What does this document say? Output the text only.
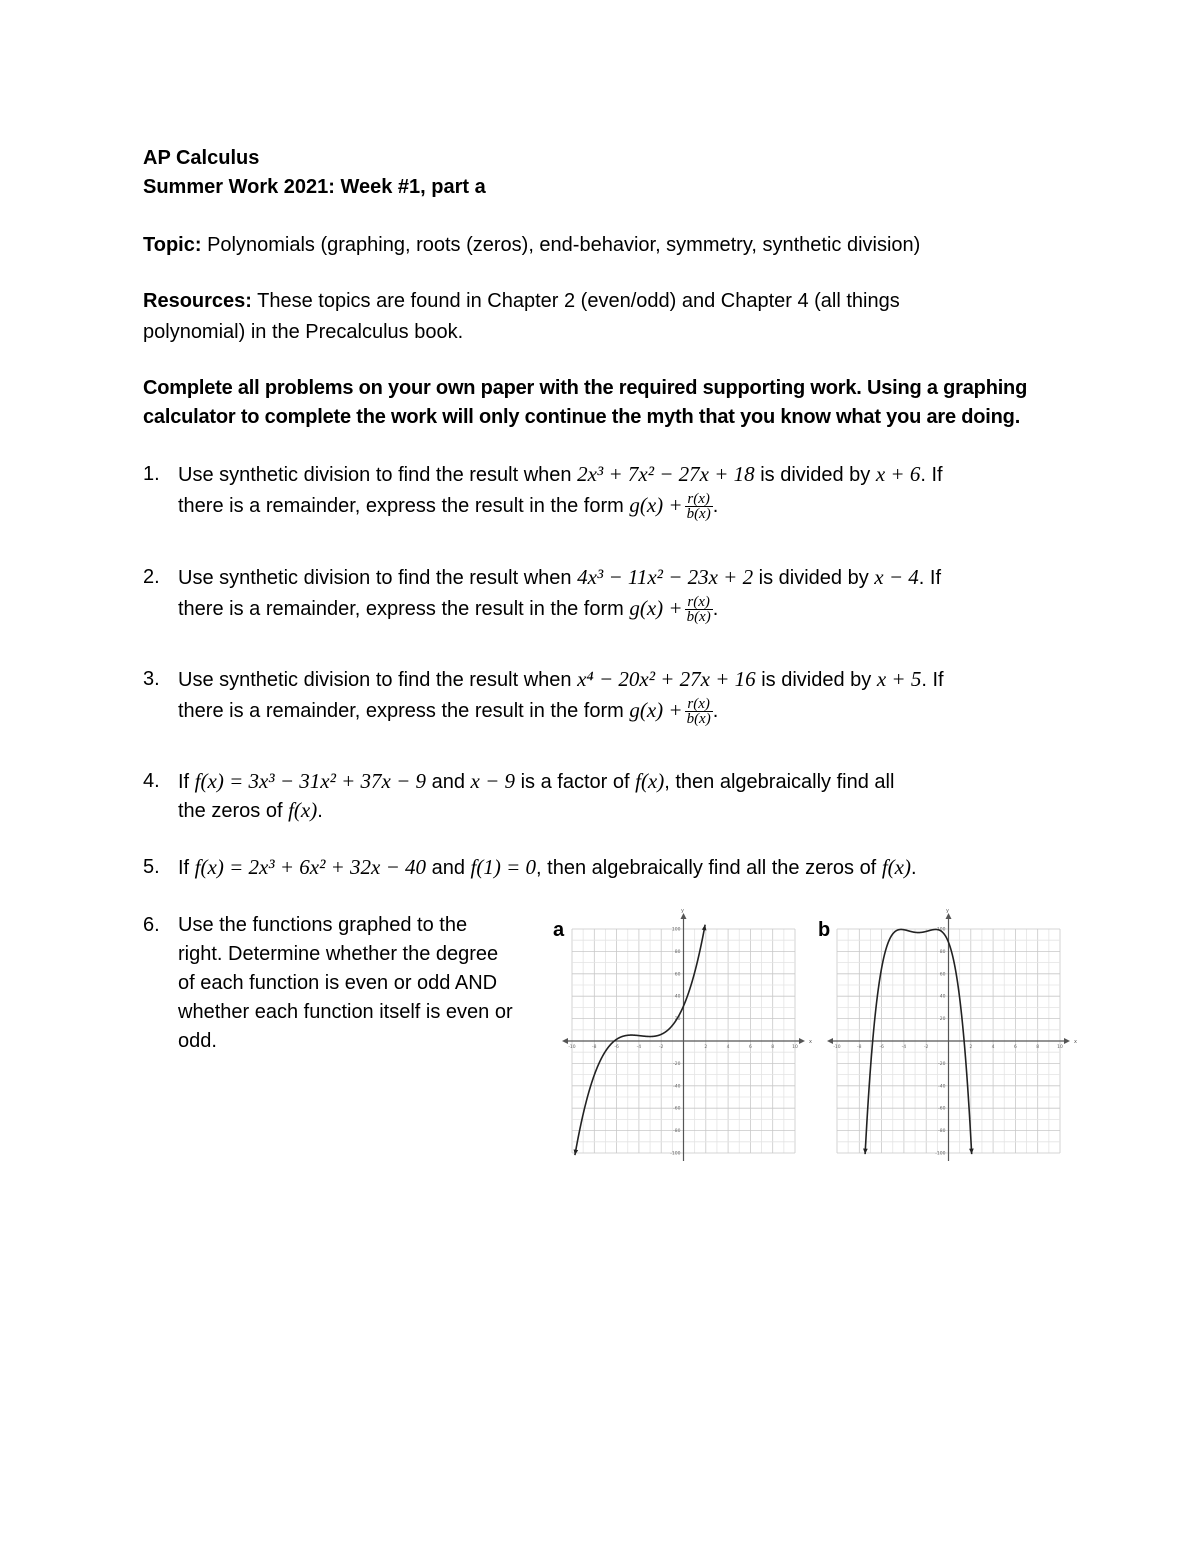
AP Calculus
Summer Work 2021: Week #1, part a
Topic: Polynomials (graphing, roots (zeros), end-behavior, symmetry, synthetic division)
Resources: These topics are found in Chapter 2 (even/odd) and Chapter 4 (all things
polynomial) in the Precalculus book.
Complete all problems on your own paper with the required supporting work. Using a graphing
calculator to complete the work will only continue the myth that you know what you are doing.
1. Use synthetic division to find the result when 2x³ + 7x² − 27x + 18 is divided by x + 6. If
there is a remainder, express the result in the form $g(x) + \frac{r(x)}{b(x)}$ .
2. Use synthetic division to find the result when 4x³ − 11x² − 23x + 2 is divided by x − 4. If
there is a remainder, express the result in the form $g(x) + \frac{r(x)}{b(x)}$ .
3. Use synthetic division to find the result when x⁴ − 20x² + 27x + 16 is divided by x + 5. If
there is a remainder, express the result in the form $g(x) + \frac{r(x)}{b(x)}$ .
4. If f(x) = 3x³ − 31x² + 37x − 9 and x − 9 is a factor of f(x), then algebraically find all
the zeros of f(x).
5. If f(x) = 2x³ + 6x² + 32x − 40 and f(1) = 0, then algebraically find all the zeros of f(x).
6. Use the functions graphed to the
right. Determine whether the degree
of each function is even or odd AND
whether each function itself is even or
odd.
a	b
y
x
-10	-8	-6	-4	-2	2	4	6	8	10
100
80
60
40
20
-20
-40
-60
-80
-100
y
x
-10	-8	-6	-4	-2	2	4	6	8	10
100
80
60
40
20
-20
-40
-60
-80
-100
